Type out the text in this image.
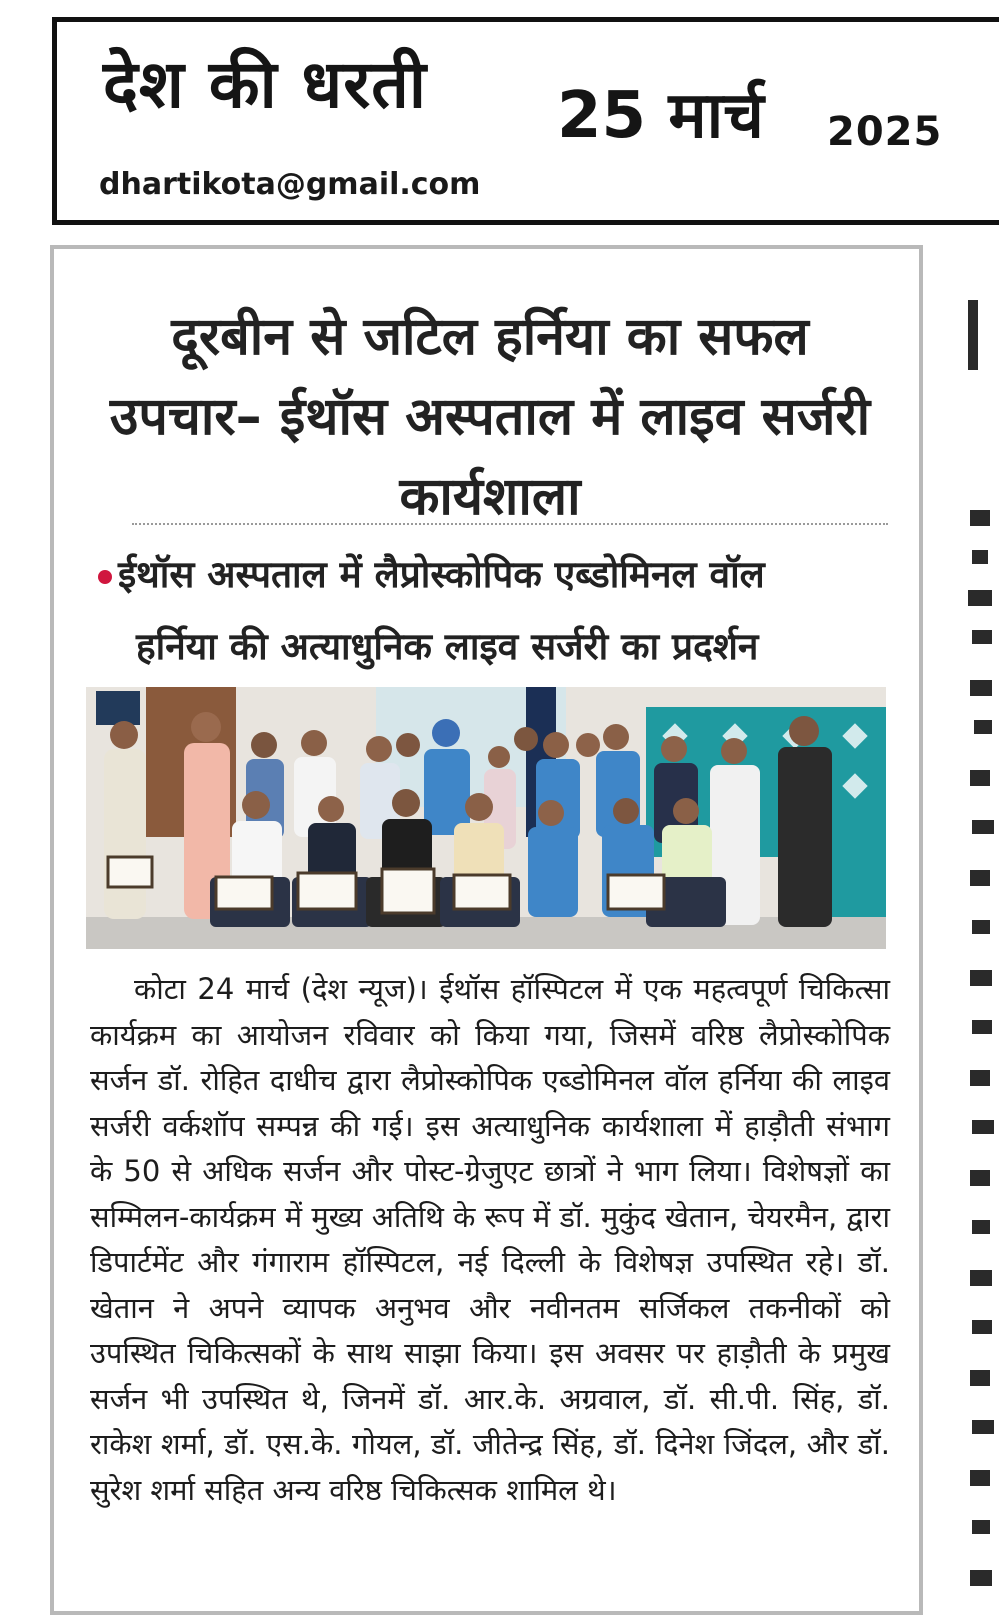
देश की धरती 25 मार्च 2025
dhartikota@gmail.com
दूरबीन से जटिल हर्निया का सफल उपचार– ईथॉस अस्पताल में लाइव सर्जरी कार्यशाला
ईथॉस अस्पताल में लैप्रोस्कोपिक एब्डोमिनल वॉल
हर्निया की अत्याधुनिक लाइव सर्जरी का प्रदर्शन
कोटा 24 मार्च (देश न्यूज)। ईथॉस हॉस्पिटल में एक महत्वपूर्ण चिकित्सा कार्यक्रम का आयोजन रविवार को किया गया, जिसमें वरिष्ठ लैप्रोस्कोपिक सर्जन डॉ. रोहित दाधीच द्वारा लैप्रोस्कोपिक एब्डोमिनल वॉल हर्निया की लाइव सर्जरी वर्कशॉप सम्पन्न की गई। इस अत्याधुनिक कार्यशाला में हाड़ौती संभाग के 50 से अधिक सर्जन और पोस्ट-ग्रेजुएट छात्रों ने भाग लिया। विशेषज्ञों का सम्मिलन-कार्यक्रम में मुख्य अतिथि के रूप में डॉ. मुकुंद खेतान, चेयरमैन, द्वारा डिपार्टमेंट और गंगाराम हॉस्पिटल, नई दिल्ली के विशेषज्ञ उपस्थित रहे। डॉ. खेतान ने अपने व्यापक अनुभव और नवीनतम सर्जिकल तकनीकों को उपस्थित चिकित्सकों के साथ साझा किया। इस अवसर पर हाड़ौती के प्रमुख सर्जन भी उपस्थित थे, जिनमें डॉ. आर.के. अग्रवाल, डॉ. सी.पी. सिंह, डॉ. राकेश शर्मा, डॉ. एस.के. गोयल, डॉ. जीतेन्द्र सिंह, डॉ. दिनेश जिंदल, और डॉ. सुरेश शर्मा सहित अन्य वरिष्ठ चिकित्सक शामिल थे।
